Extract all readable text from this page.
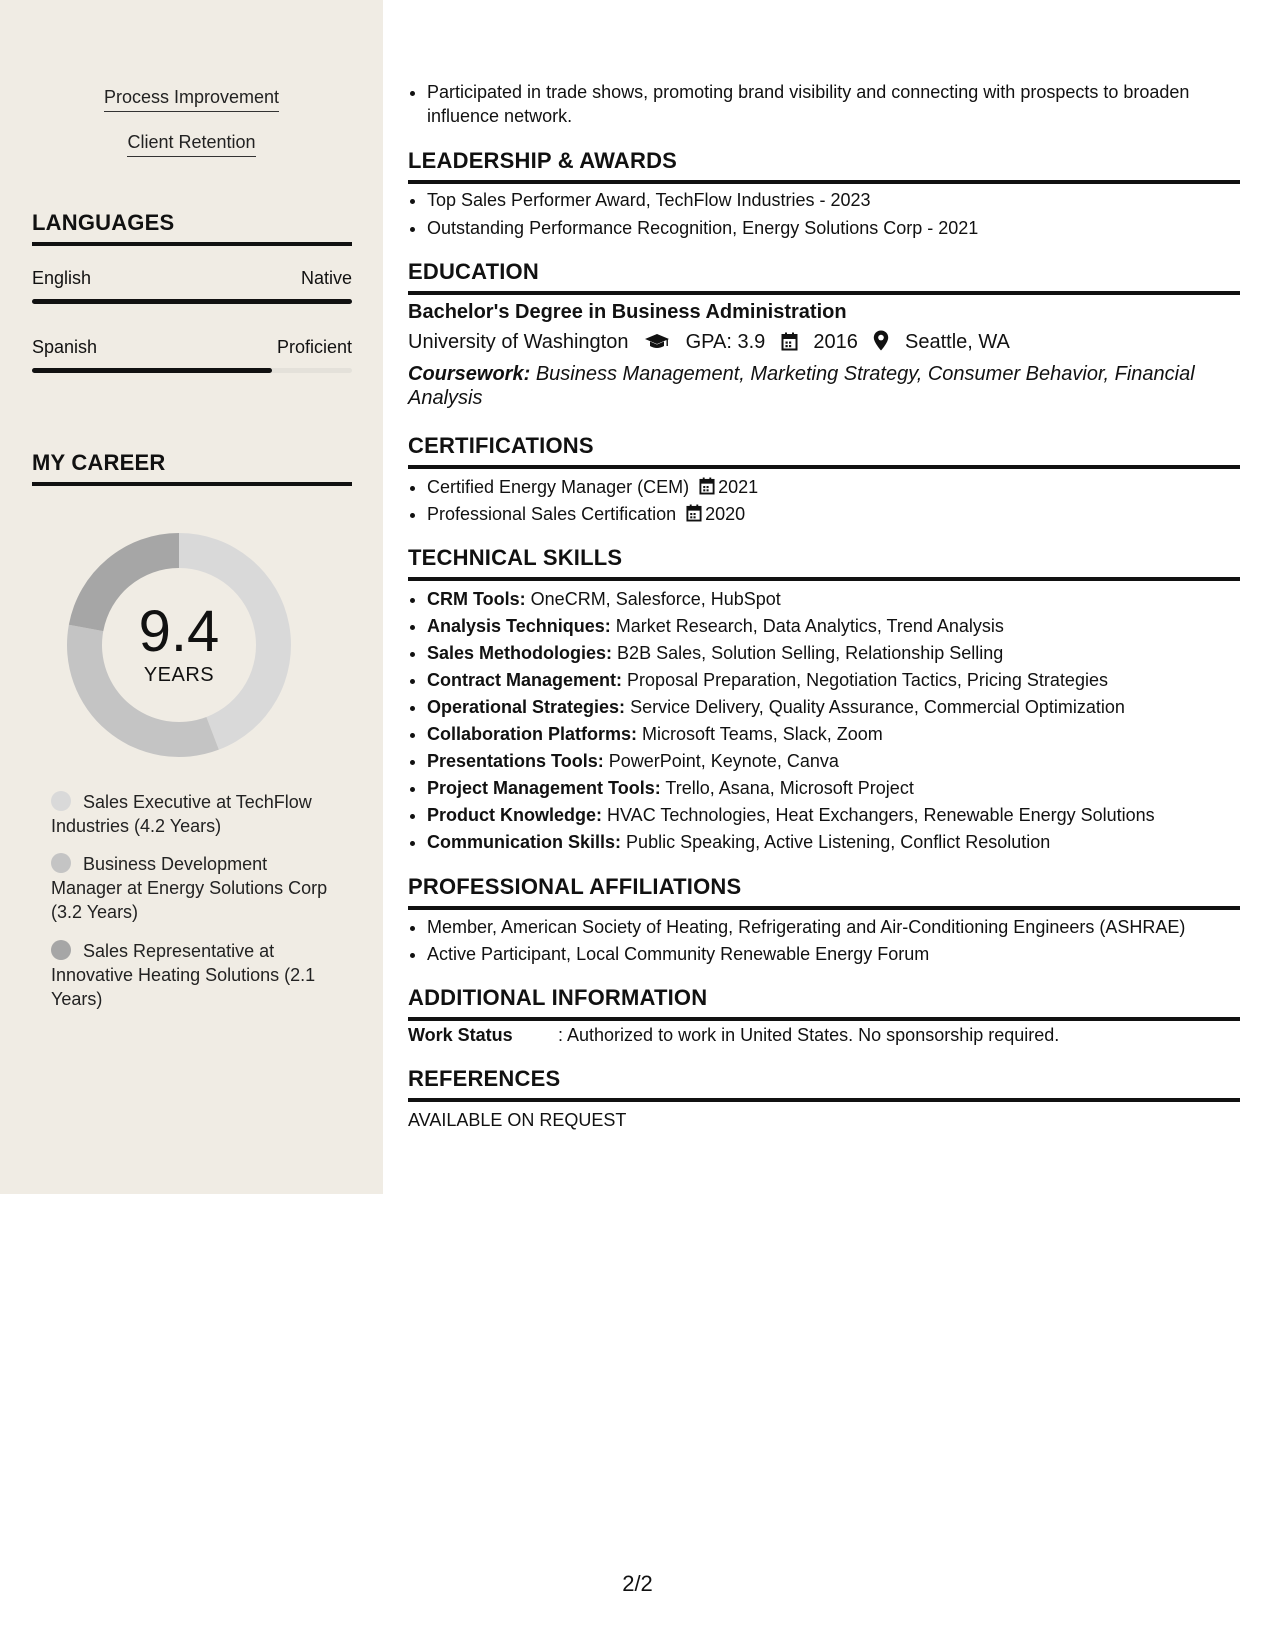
Process Improvement
Client Retention
LANGUAGES
English	Native
Spanish	Proficient
MY CAREER
9.4
YEARS
Sales Executive at TechFlow Industries (4.2 Years)
Business Development Manager at Energy Solutions Corp (3.2 Years)
Sales Representative at Innovative Heating Solutions (2.1 Years)
• Participated in trade shows, promoting brand visibility and connecting with prospects to broaden influence network.
LEADERSHIP & AWARDS
• Top Sales Performer Award, TechFlow Industries - 2023
• Outstanding Performance Recognition, Energy Solutions Corp - 2021
EDUCATION
Bachelor's Degree in Business Administration
University of Washington	GPA: 3.9 2016 Seattle, WA
Coursework: Business Management, Marketing Strategy, Consumer Behavior, Financial Analysis
CERTIFICATIONS
• Certified Energy Manager (CEM) 2021
• Professional Sales Certification 2020
TECHNICAL SKILLS
• CRM Tools: OneCRM, Salesforce, HubSpot
• Analysis Techniques: Market Research, Data Analytics, Trend Analysis
• Sales Methodologies: B2B Sales, Solution Selling, Relationship Selling
• Contract Management: Proposal Preparation, Negotiation Tactics, Pricing Strategies
• Operational Strategies: Service Delivery, Quality Assurance, Commercial Optimization
• Collaboration Platforms: Microsoft Teams, Slack, Zoom
• Presentations Tools: PowerPoint, Keynote, Canva
• Project Management Tools: Trello, Asana, Microsoft Project
• Product Knowledge: HVAC Technologies, Heat Exchangers, Renewable Energy Solutions
• Communication Skills: Public Speaking, Active Listening, Conflict Resolution
PROFESSIONAL AFFILIATIONS
• Member, American Society of Heating, Refrigerating and Air-Conditioning Engineers (ASHRAE)
• Active Participant, Local Community Renewable Energy Forum
ADDITIONAL INFORMATION
Work Status	: Authorized to work in United States. No sponsorship required.
REFERENCES
AVAILABLE ON REQUEST
2/2
